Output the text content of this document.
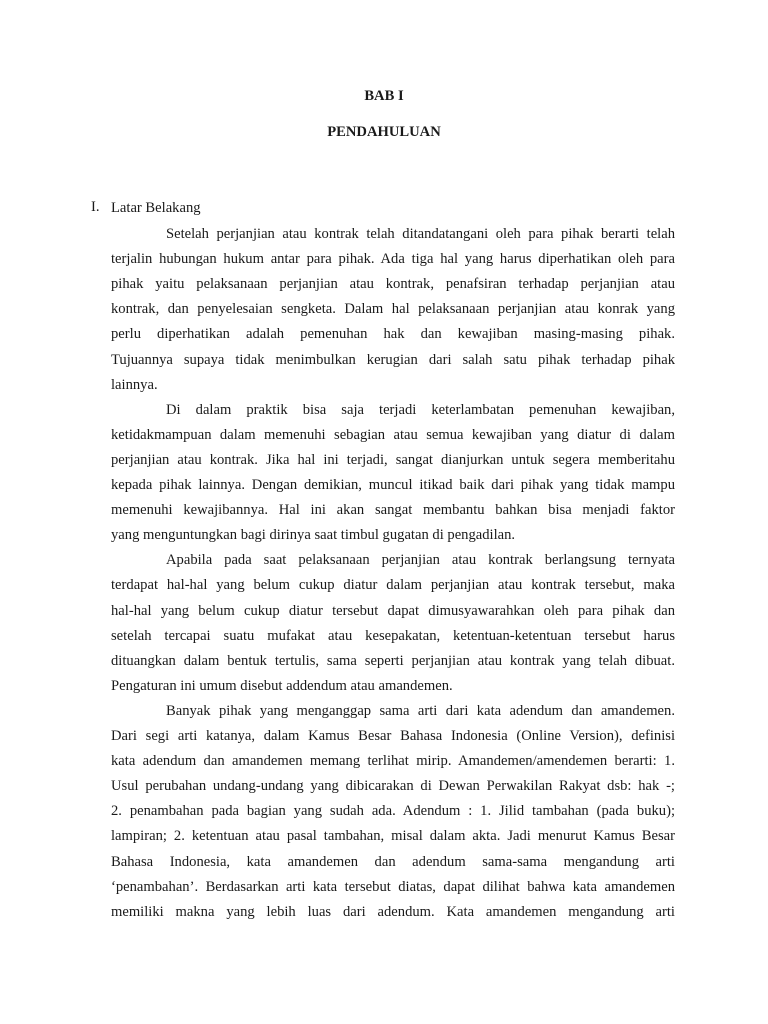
BAB I
PENDAHULUAN
I. Latar Belakang
Setelah perjanjian atau kontrak telah ditandatangani oleh para pihak berarti telah
terjalin hubungan hukum antar para pihak. Ada tiga hal yang harus diperhatikan oleh para
pihak yaitu pelaksanaan perjanjian atau kontrak, penafsiran terhadap perjanjian atau
kontrak, dan penyelesaian sengketa. Dalam hal pelaksanaan perjanjian atau konrak yang
perlu diperhatikan adalah pemenuhan hak dan kewajiban masing-masing pihak.
Tujuannya supaya tidak menimbulkan kerugian dari salah satu pihak terhadap pihak
lainnya.
Di dalam praktik bisa saja terjadi keterlambatan pemenuhan kewajiban,
ketidakmampuan dalam memenuhi sebagian atau semua kewajiban yang diatur di dalam
perjanjian atau kontrak. Jika hal ini terjadi, sangat dianjurkan untuk segera memberitahu
kepada pihak lainnya. Dengan demikian, muncul itikad baik dari pihak yang tidak mampu
memenuhi kewajibannya. Hal ini akan sangat membantu bahkan bisa menjadi faktor
yang menguntungkan bagi dirinya saat timbul gugatan di pengadilan.
Apabila pada saat pelaksanaan perjanjian atau kontrak berlangsung ternyata
terdapat hal-hal yang belum cukup diatur dalam perjanjian atau kontrak tersebut, maka
hal-hal yang belum cukup diatur tersebut dapat dimusyawarahkan oleh para pihak dan
setelah tercapai suatu mufakat atau kesepakatan, ketentuan-ketentuan tersebut harus
dituangkan dalam bentuk tertulis, sama seperti perjanjian atau kontrak yang telah dibuat.
Pengaturan ini umum disebut addendum atau amandemen.
Banyak pihak yang menganggap sama arti dari kata adendum dan amandemen.
Dari segi arti katanya, dalam Kamus Besar Bahasa Indonesia (Online Version), definisi
kata adendum dan amandemen memang terlihat mirip. Amandemen/amendemen berarti: 1.
Usul perubahan undang-undang yang dibicarakan di Dewan Perwakilan Rakyat dsb: hak -;
2. penambahan pada bagian yang sudah ada. Adendum : 1. Jilid tambahan (pada buku);
lampiran; 2. ketentuan atau pasal tambahan, misal dalam akta. Jadi menurut Kamus Besar
Bahasa Indonesia, kata amandemen dan adendum sama-sama mengandung arti
‘penambahan’. Berdasarkan arti kata tersebut diatas, dapat dilihat bahwa kata amandemen
memiliki makna yang lebih luas dari adendum. Kata amandemen mengandung arti
